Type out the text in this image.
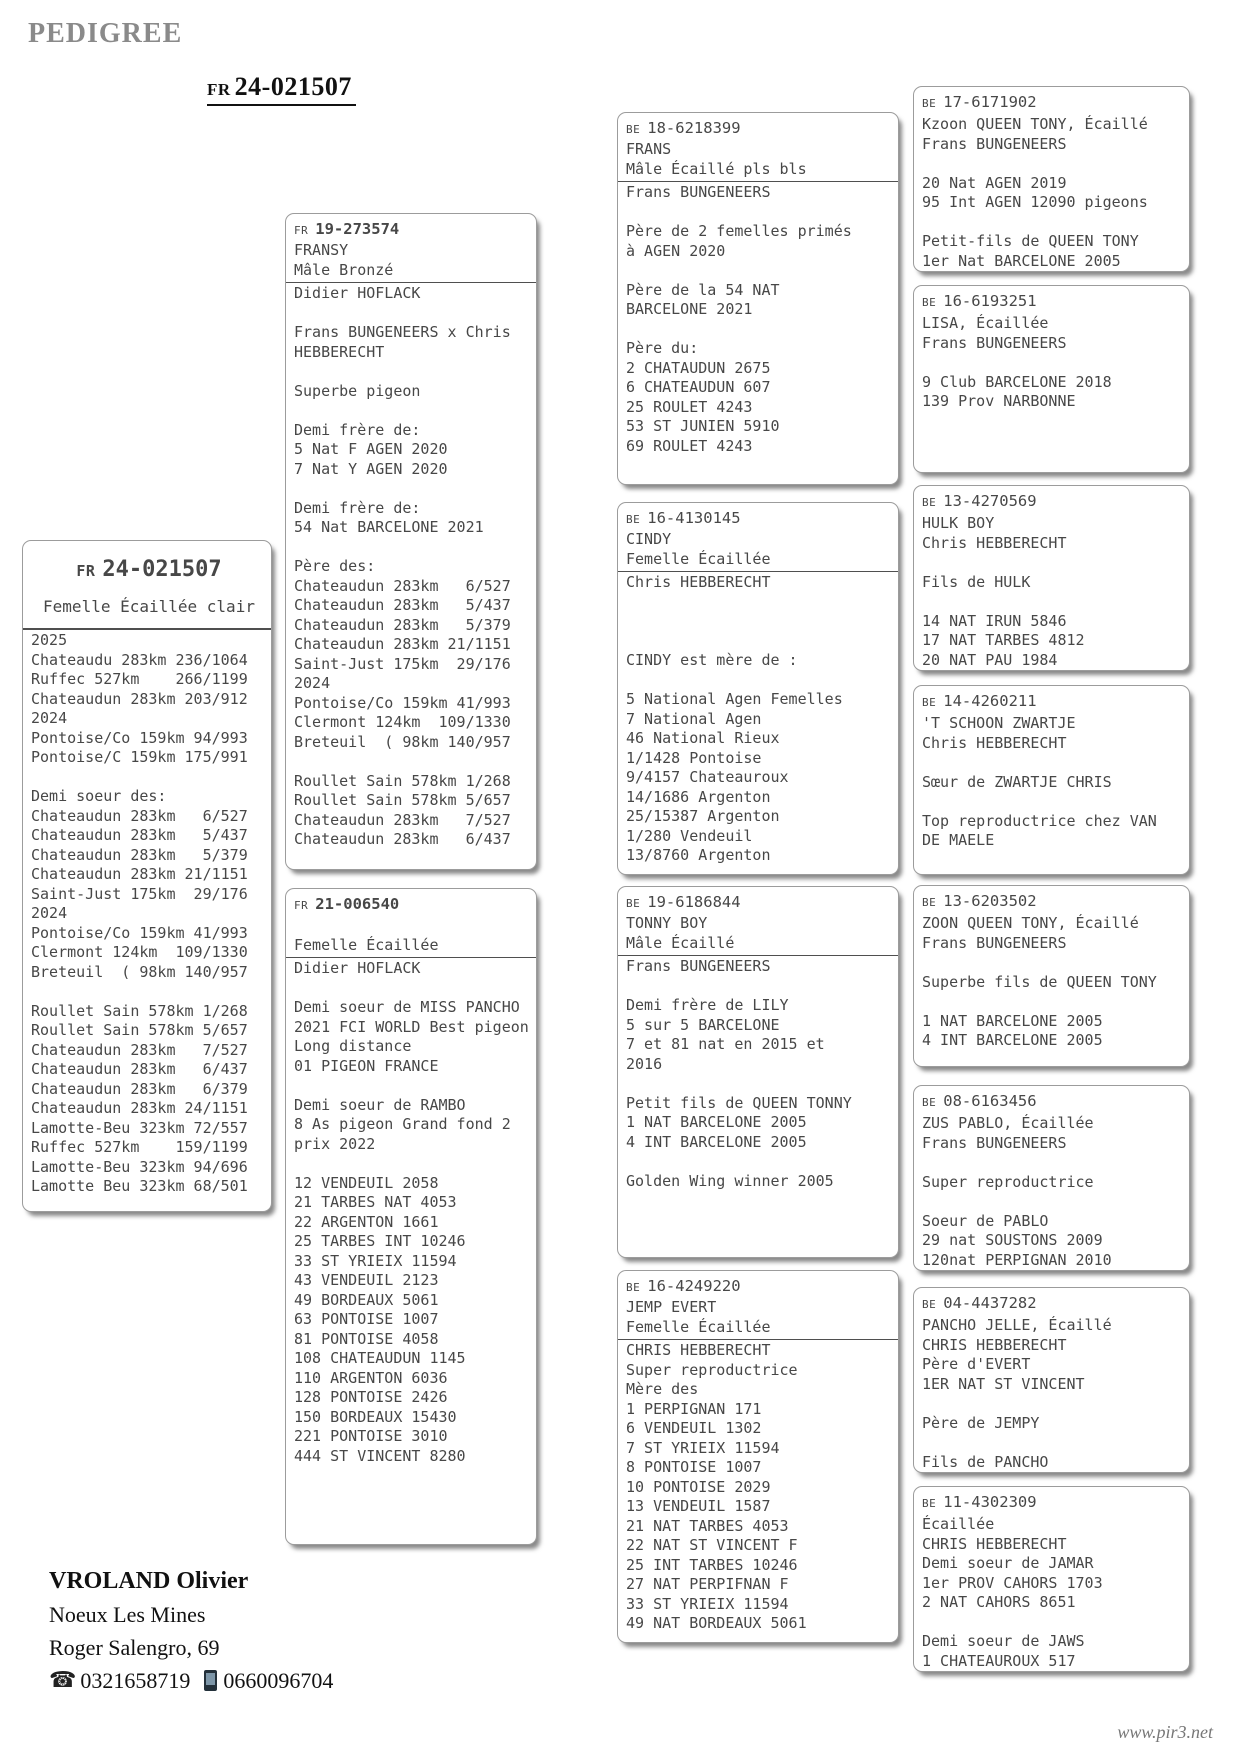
PEDIGREE
FR 24-021507
FR 24-021507
Femelle Écaillée clair
2025
Chateaudu 283km 236/1064
Ruffec 527km    266/1199
Chateaudun 283km 203/912
2024
Pontoise/Co 159km 94/993
Pontoise/C 159km 175/991

Demi soeur des:
Chateaudun 283km   6/527
Chateaudun 283km   5/437
Chateaudun 283km   5/379
Chateaudun 283km 21/1151
Saint-Just 175km  29/176
2024
Pontoise/Co 159km 41/993
Clermont 124km  109/1330
Breteuil  ( 98km 140/957

Roullet Sain 578km 1/268
Roullet Sain 578km 5/657
Chateaudun 283km   7/527
Chateaudun 283km   6/437
Chateaudun 283km   6/379
Chateaudun 283km 24/1151
Lamotte-Beu 323km 72/557
Ruffec 527km    159/1199
Lamotte-Beu 323km 94/696
Lamotte Beu 323km 68/501
FR 19-273574
FRANSY
Mâle Bronzé
Didier HOFLACK

Frans BUNGENEERS x Chris
HEBBERECHT

Superbe pigeon

Demi frère de:
5 Nat F AGEN 2020
7 Nat Y AGEN 2020

Demi frère de:
54 Nat BARCELONE 2021

Père des:
Chateaudun 283km   6/527
Chateaudun 283km   5/437
Chateaudun 283km   5/379
Chateaudun 283km 21/1151
Saint-Just 175km  29/176
2024
Pontoise/Co 159km 41/993
Clermont 124km  109/1330
Breteuil  ( 98km 140/957

Roullet Sain 578km 1/268
Roullet Sain 578km 5/657
Chateaudun 283km   7/527
Chateaudun 283km   6/437
FR 21-006540

Femelle Écaillée
Didier HOFLACK

Demi soeur de MISS PANCHO
2021 FCI WORLD Best pigeon
Long distance
01 PIGEON FRANCE

Demi soeur de RAMBO
8 As pigeon Grand fond 2
prix 2022

12 VENDEUIL 2058
21 TARBES NAT 4053
22 ARGENTON 1661
25 TARBES INT 10246
33 ST YRIEIX 11594
43 VENDEUIL 2123
49 BORDEAUX 5061
63 PONTOISE 1007
81 PONTOISE 4058
108 CHATEAUDUN 1145
110 ARGENTON 6036
128 PONTOISE 2426
150 BORDEAUX 15430
221 PONTOISE 3010
444 ST VINCENT 8280
BE 18-6218399
FRANS
Mâle Écaillé pls bls
Frans BUNGENEERS

Père de 2 femelles primés
à AGEN 2020

Père de la 54 NAT
BARCELONE 2021

Père du:
2 CHATAUDUN 2675
6 CHATEAUDUN 607
25 ROULET 4243
53 ST JUNIEN 5910
69 ROULET 4243
BE 16-4130145
CINDY
Femelle Écaillée
Chris HEBBERECHT

CINDY est mère de :

5 National Agen Femelles
7 National Agen
46 National Rieux
1/1428 Pontoise
9/4157 Chateauroux
14/1686 Argenton
25/15387 Argenton
1/280 Vendeuil
13/8760 Argenton
BE 19-6186844
TONNY BOY
Mâle Écaillé
Frans BUNGENEERS

Demi frère de LILY
5 sur 5 BARCELONE
7 et 81 nat en 2015 et
2016

Petit fils de QUEEN TONNY
1 NAT BARCELONE 2005
4 INT BARCELONE 2005

Golden Wing winner 2005
BE 16-4249220
JEMP EVERT
Femelle Écaillée
CHRIS HEBBERECHT
Super reproductrice
Mère des
1 PERPIGNAN 171
6 VENDEUIL 1302
7 ST YRIEIX 11594
8 PONTOISE 1007
10 PONTOISE 2029
13 VENDEUIL 1587
21 NAT TARBES 4053
22 NAT ST VINCENT F
25 INT TARBES 10246
27 NAT PERPIFNAN F
33 ST YRIEIX 11594
49 NAT BORDEAUX 5061
BE 17-6171902
Kzoon QUEEN TONY, Écaillé
Frans BUNGENEERS

20 Nat AGEN 2019
95 Int AGEN 12090 pigeons

Petit-fils de QUEEN TONY
1er Nat BARCELONE 2005
BE 16-6193251
LISA, Écaillée
Frans BUNGENEERS

9 Club BARCELONE 2018
139 Prov NARBONNE
BE 13-4270569
HULK BOY
Chris HEBBERECHT

Fils de HULK

14 NAT IRUN 5846
17 NAT TARBES 4812
20 NAT PAU 1984
BE 14-4260211
'T SCHOON ZWARTJE
Chris HEBBERECHT

Sœur de ZWARTJE CHRIS

Top reproductrice chez VAN
DE MAELE
BE 13-6203502
ZOON QUEEN TONY, Écaillé
Frans BUNGENEERS

Superbe fils de QUEEN TONY

1 NAT BARCELONE 2005
4 INT BARCELONE 2005
BE 08-6163456
ZUS PABLO, Écaillée
Frans BUNGENEERS

Super reproductrice

Soeur de PABLO
29 nat SOUSTONS 2009
120nat PERPIGNAN 2010
BE 04-4437282
PANCHO JELLE, Écaillé
CHRIS HEBBERECHT
Père d'EVERT
1ER NAT ST VINCENT

Père de JEMPY

Fils de PANCHO
BE 11-4302309
Écaillée
CHRIS HEBBERECHT
Demi soeur de JAMAR
1er PROV CAHORS 1703
2 NAT CAHORS 8651

Demi soeur de JAWS
1 CHATEAUROUX 517
VROLAND Olivier
Noeux Les Mines
Roger Salengro, 69
☎ 0321658719 0660096704
www.pir3.net
